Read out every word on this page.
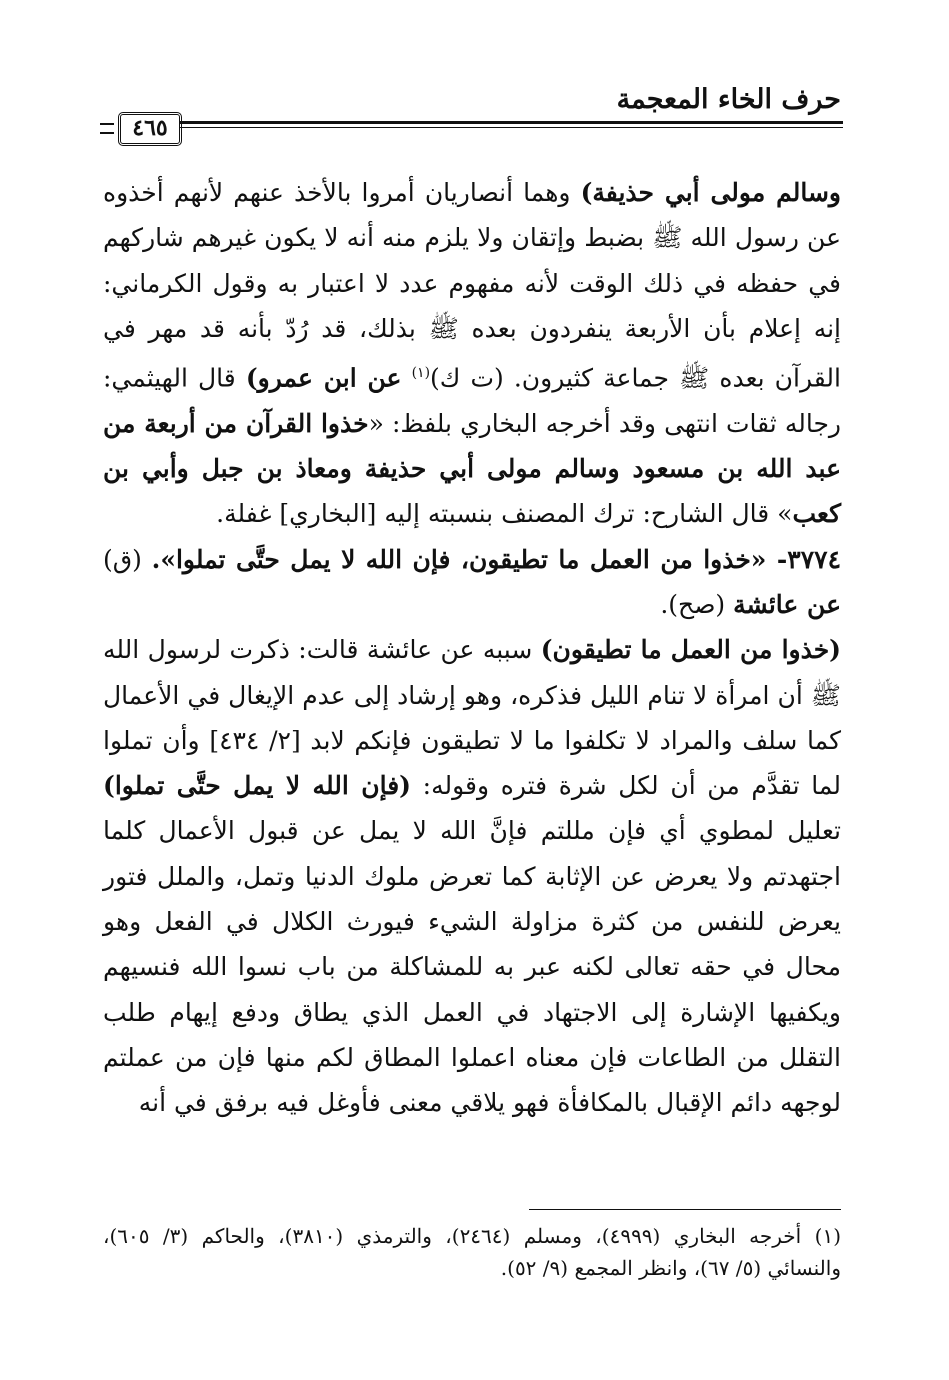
حرف الخاء المعجمة
٤٦٥

وسالم مولى أبي حذيفة) وهما أنصاريان أمروا بالأخذ عنهم لأنهم أخذوه عن رسول الله ﷺ بضبط وإتقان ولا يلزم منه أنه لا يكون غيرهم شاركهم في حفظه في ذلك الوقت لأنه مفهوم عدد لا اعتبار به وقول الكرماني: إنه إعلام بأن الأربعة ينفردون بعده ﷺ بذلك، قد رُدّ بأنه قد مهر في القرآن بعده ﷺ جماعة كثيرون. (ت ك)$^{(١)}$ عن ابن عمرو) قال الهيثمي: رجاله ثقات انتهى وقد أخرجه البخاري بلفظ: «خذوا القرآن من أربعة من عبد الله بن مسعود وسالم مولى أبي حذيفة ومعاذ بن جبل وأبي بن كعب» قال الشارح: ترك المصنف بنسبته إليه [البخاري] غفلة.

٣٧٧٤- «خذوا من العمل ما تطيقون، فإن الله لا يمل حتَّى تملوا». (ق) عن عائشة (صح).

(خذوا من العمل ما تطيقون) سببه عن عائشة قالت: ذكرت لرسول الله ﷺ أن امرأة لا تنام الليل فذكره، وهو إرشاد إلى عدم الإيغال في الأعمال كما سلف والمراد لا تكلفوا ما لا تطيقون فإنكم لابد [٢/ ٤٣٤] وأن تملوا لما تقدَّم من أن لكل شرة فتره وقوله: (فإن الله لا يمل حتَّى تملوا) تعليل لمطوي أي فإن مللتم فإنَّ الله لا يمل عن قبول الأعمال كلما اجتهدتم ولا يعرض عن الإثابة كما تعرض ملوك الدنيا وتمل، والملل فتور يعرض للنفس من كثرة مزاولة الشيء فيورث الكلال في الفعل وهو محال في حقه تعالى لكنه عبر به للمشاكلة من باب نسوا الله فنسيهم ويكفيها الإشارة إلى الاجتهاد في العمل الذي يطاق ودفع إيهام طلب التقلل من الطاعات فإن معناه اعملوا المطاق لكم منها فإن من عملتم لوجهه دائم الإقبال بالمكافأة فهو يلاقي معنى فأوغل فيه برفق في أنه

(١) أخرجه البخاري (٤٩٩٩)، ومسلم (٢٤٦٤)، والترمذي (٣٨١٠)، والحاكم (٣/ ٦٠٥)، والنسائي (٥/ ٦٧)، وانظر المجمع (٩/ ٥٢).
